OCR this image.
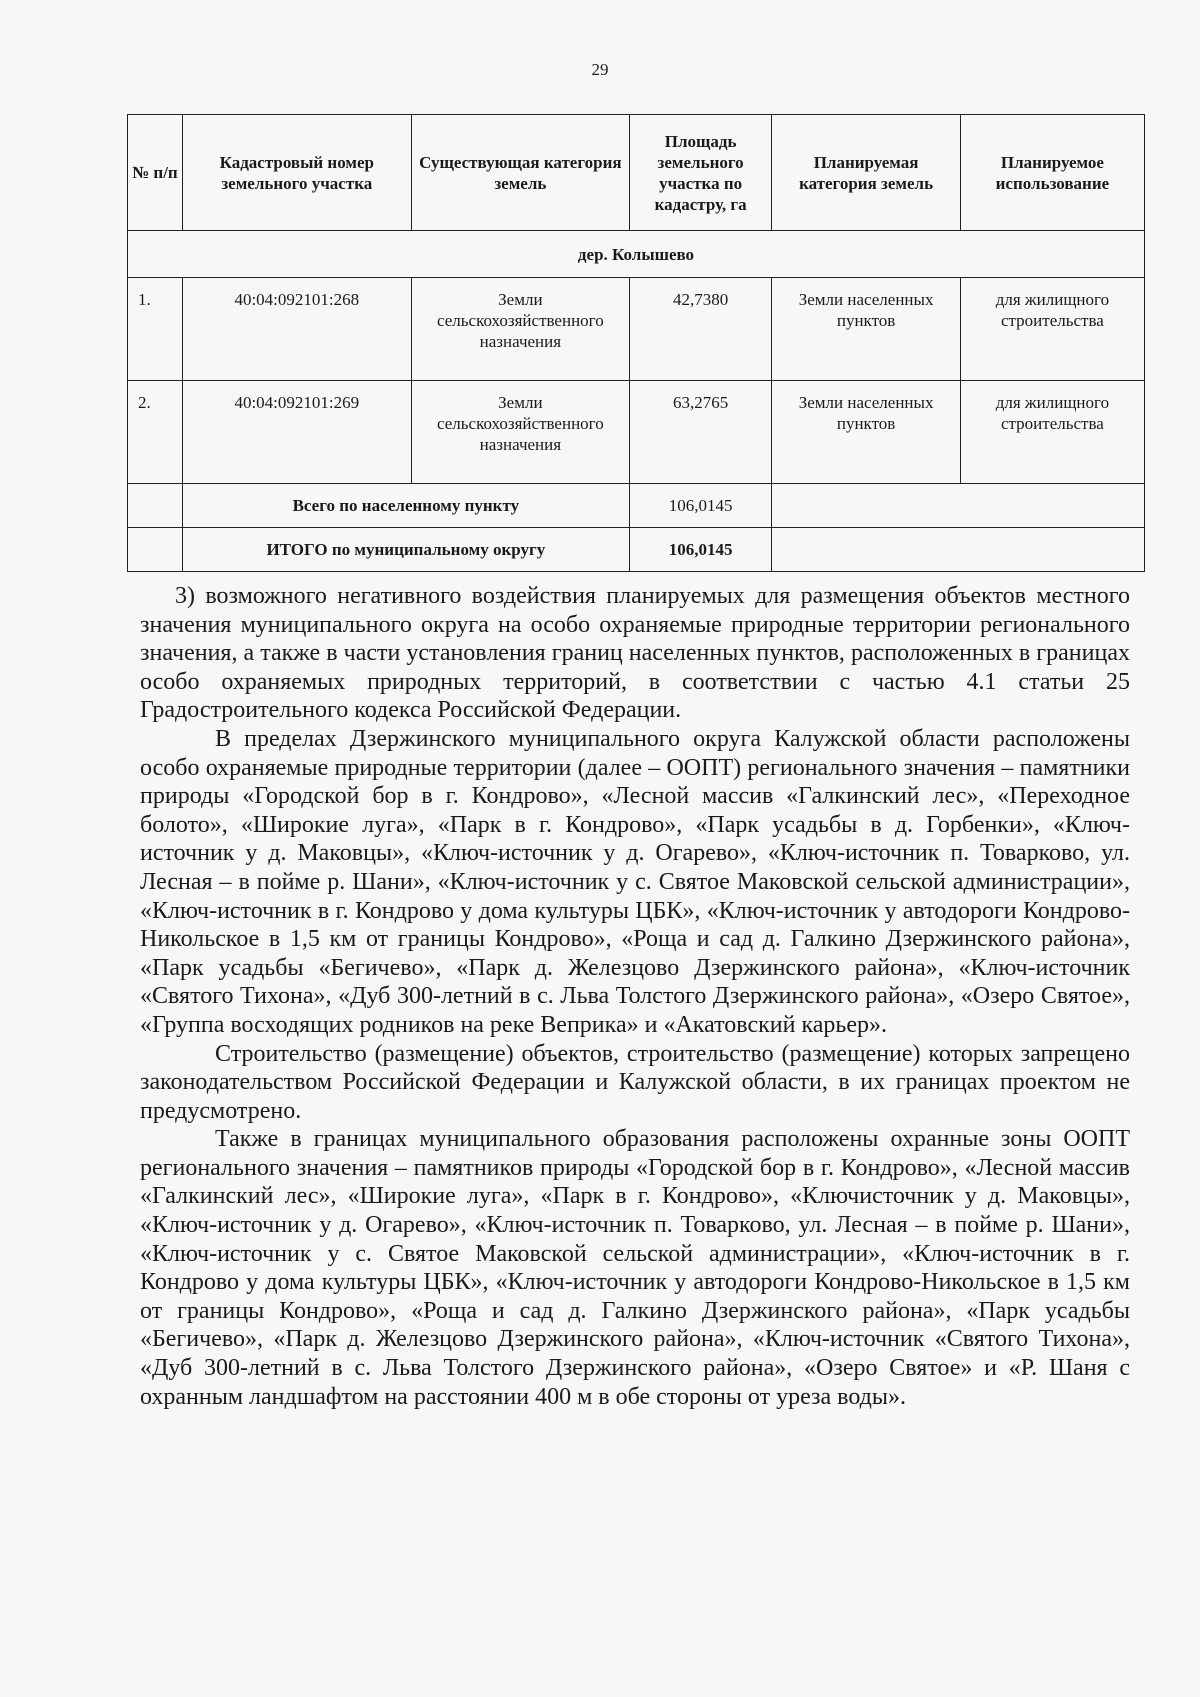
29
№ п/п	Кадастровый номер земельного участка	Существующая категория земель	Площадь земельного участка по кадастру, га	Планируемая категория земель	Планируемое использование
дер. Колышево					
1.	40:04:092101:268	Земли сельскохозяйственного назначения	42,7380	Земли населенных пунктов	для жилищного строительства
2.	40:04:092101:269	Земли сельскохозяйственного назначения	63,2765	Земли населенных пунктов	для жилищного строительства
	Всего по населенному пункту		106,0145		
	ИТОГО по муниципальному округу		106,0145		

3) возможного негативного воздействия планируемых для размещения объектов местного значения муниципального округа на особо охраняемые природные территории регионального значения, а также в части установления границ населенных пунктов, расположенных в границах особо охраняемых природных территорий, в соответствии с частью 4.1 статьи 25 Градостроительного кодекса Российской Федерации.

В пределах Дзержинского муниципального округа Калужской области расположены особо охраняемые природные территории (далее – ООПТ) регионального значения – памятники природы «Городской бор в г. Кондрово», «Лесной массив «Галкинский лес», «Переходное болото», «Широкие луга», «Парк в г. Кондрово», «Парк усадьбы в д. Горбенки», «Ключ-источник у д. Маковцы», «Ключ-источник у д. Огарево», «Ключ-источник п. Товарково, ул. Лесная – в пойме р. Шани», «Ключ-источник у с. Святое Маковской сельской администрации», «Ключ-источник в г. Кондрово у дома культуры ЦБК», «Ключ-источник у автодороги Кондрово-Никольское в 1,5 км от границы Кондрово», «Роща и сад д. Галкино Дзержинского района», «Парк усадьбы «Бегичево», «Парк д. Железцово Дзержинского района», «Ключ-источник «Святого Тихона», «Дуб 300-летний в с. Льва Толстого Дзержинского района», «Озеро Святое», «Группа восходящих родников на реке Веприка» и «Акатовский карьер».

Строительство (размещение) объектов, строительство (размещение) которых запрещено законодательством Российской Федерации и Калужской области, в их границах проектом не предусмотрено.

Также в границах муниципального образования расположены охранные зоны ООПТ регионального значения – памятников природы «Городской бор в г. Кондрово», «Лесной массив «Галкинский лес», «Широкие луга», «Парк в г. Кондрово», «Ключисточник у д. Маковцы», «Ключ-источник у д. Огарево», «Ключ-источник п. Товарково, ул. Лесная – в пойме р. Шани», «Ключ-источник у с. Святое Маковской сельской администрации», «Ключ-источник в г. Кондрово у дома культуры ЦБК», «Ключ-источник у автодороги Кондрово-Никольское в 1,5 км от границы Кондрово», «Роща и сад д. Галкино Дзержинского района», «Парк усадьбы «Бегичево», «Парк д. Железцово Дзержинского района», «Ключ-источник «Святого Тихона», «Дуб 300-летний в с. Льва Толстого Дзержинского района», «Озеро Святое» и «Р. Шаня с охранным ландшафтом на расстоянии 400 м в обе стороны от уреза воды».
